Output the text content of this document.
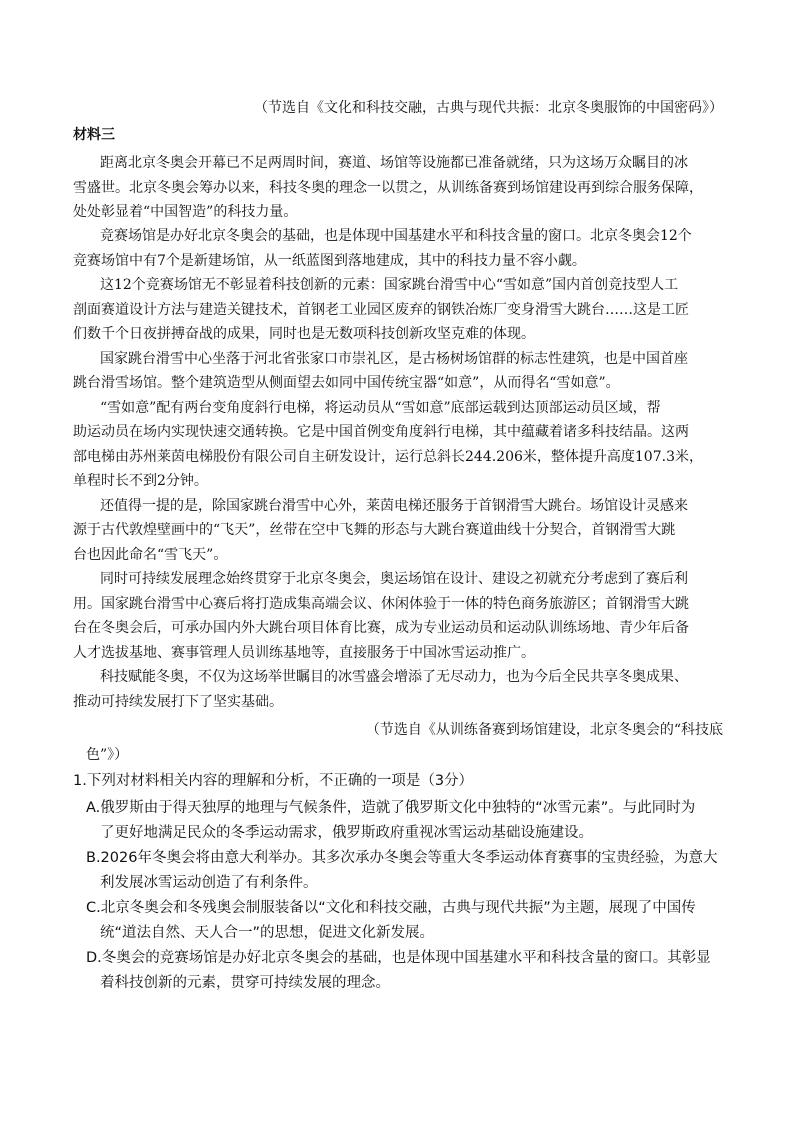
（节选自《文化和科技交融，古典与现代共振：北京冬奥服饰的中国密码》）
材料三
距离北京冬奥会开幕已不足两周时间，赛道、场馆等设施都已准备就绪，只为这场万众瞩目的冰
雪盛世。北京冬奥会筹办以来，科技冬奥的理念一以贯之，从训练备赛到场馆建设再到综合服务保障，
处处彰显着“中国智造”的科技力量。
竞赛场馆是办好北京冬奥会的基础，也是体现中国基建水平和科技含量的窗口。北京冬奥会12个
竞赛场馆中有7个是新建场馆，从一纸蓝图到落地建成，其中的科技力量不容小觑。
这12个竞赛场馆无不彰显着科技创新的元素：国家跳台滑雪中心“雪如意”国内首创竞技型人工
剖面赛道设计方法与建造关键技术，首钢老工业园区废弃的钢铁冶炼厂变身滑雪大跳台……这是工匠
们数千个日夜拼搏奋战的成果，同时也是无数项科技创新攻坚克难的体现。
国家跳台滑雪中心坐落于河北省张家口市崇礼区，是古杨树场馆群的标志性建筑，也是中国首座
跳台滑雪场馆。整个建筑造型从侧面望去如同中国传统宝器“如意”，从而得名“雪如意”。
“雪如意”配有两台变角度斜行电梯，将运动员从“雪如意”底部运载到达顶部运动员区域，帮
助运动员在场内实现快速交通转换。它是中国首例变角度斜行电梯，其中蕴藏着诸多科技结晶。这两
部电梯由苏州莱茵电梯股份有限公司自主研发设计，运行总斜长244.206米，整体提升高度107.3米，
单程时长不到2分钟。
还值得一提的是，除国家跳台滑雪中心外，莱茵电梯还服务于首钢滑雪大跳台。场馆设计灵感来
源于古代敦煌壁画中的“飞天”，丝带在空中飞舞的形态与大跳台赛道曲线十分契合，首钢滑雪大跳
台也因此命名“雪飞天”。
同时可持续发展理念始终贯穿于北京冬奥会，奥运场馆在设计、建设之初就充分考虑到了赛后利
用。国家跳台滑雪中心赛后将打造成集高端会议、休闲体验于一体的特色商务旅游区；首钢滑雪大跳
台在冬奥会后，可承办国内外大跳台项目体育比赛，成为专业运动员和运动队训练场地、青少年后备
人才选拔基地、赛事管理人员训练基地等，直接服务于中国冰雪运动推广。
科技赋能冬奥，不仅为这场举世瞩目的冰雪盛会增添了无尽动力，也为今后全民共享冬奥成果、
推动可持续发展打下了坚实基础。
（节选自《从训练备赛到场馆建设，北京冬奥会的“科技底
色”》）
1.下列对材料相关内容的理解和分析，不正确的一项是（3分）
A.俄罗斯由于得天独厚的地理与气候条件，造就了俄罗斯文化中独特的“冰雪元素”。与此同时为
了更好地满足民众的冬季运动需求，俄罗斯政府重视冰雪运动基础设施建设。
B.2026年冬奥会将由意大利举办。其多次承办冬奥会等重大冬季运动体育赛事的宝贵经验，为意大
利发展冰雪运动创造了有利条件。
C.北京冬奥会和冬残奥会制服装备以“文化和科技交融，古典与现代共振”为主题，展现了中国传
统“道法自然、天人合一”的思想，促进文化新发展。
D.冬奥会的竞赛场馆是办好北京冬奥会的基础，也是体现中国基建水平和科技含量的窗口。其彰显
着科技创新的元素，贯穿可持续发展的理念。
